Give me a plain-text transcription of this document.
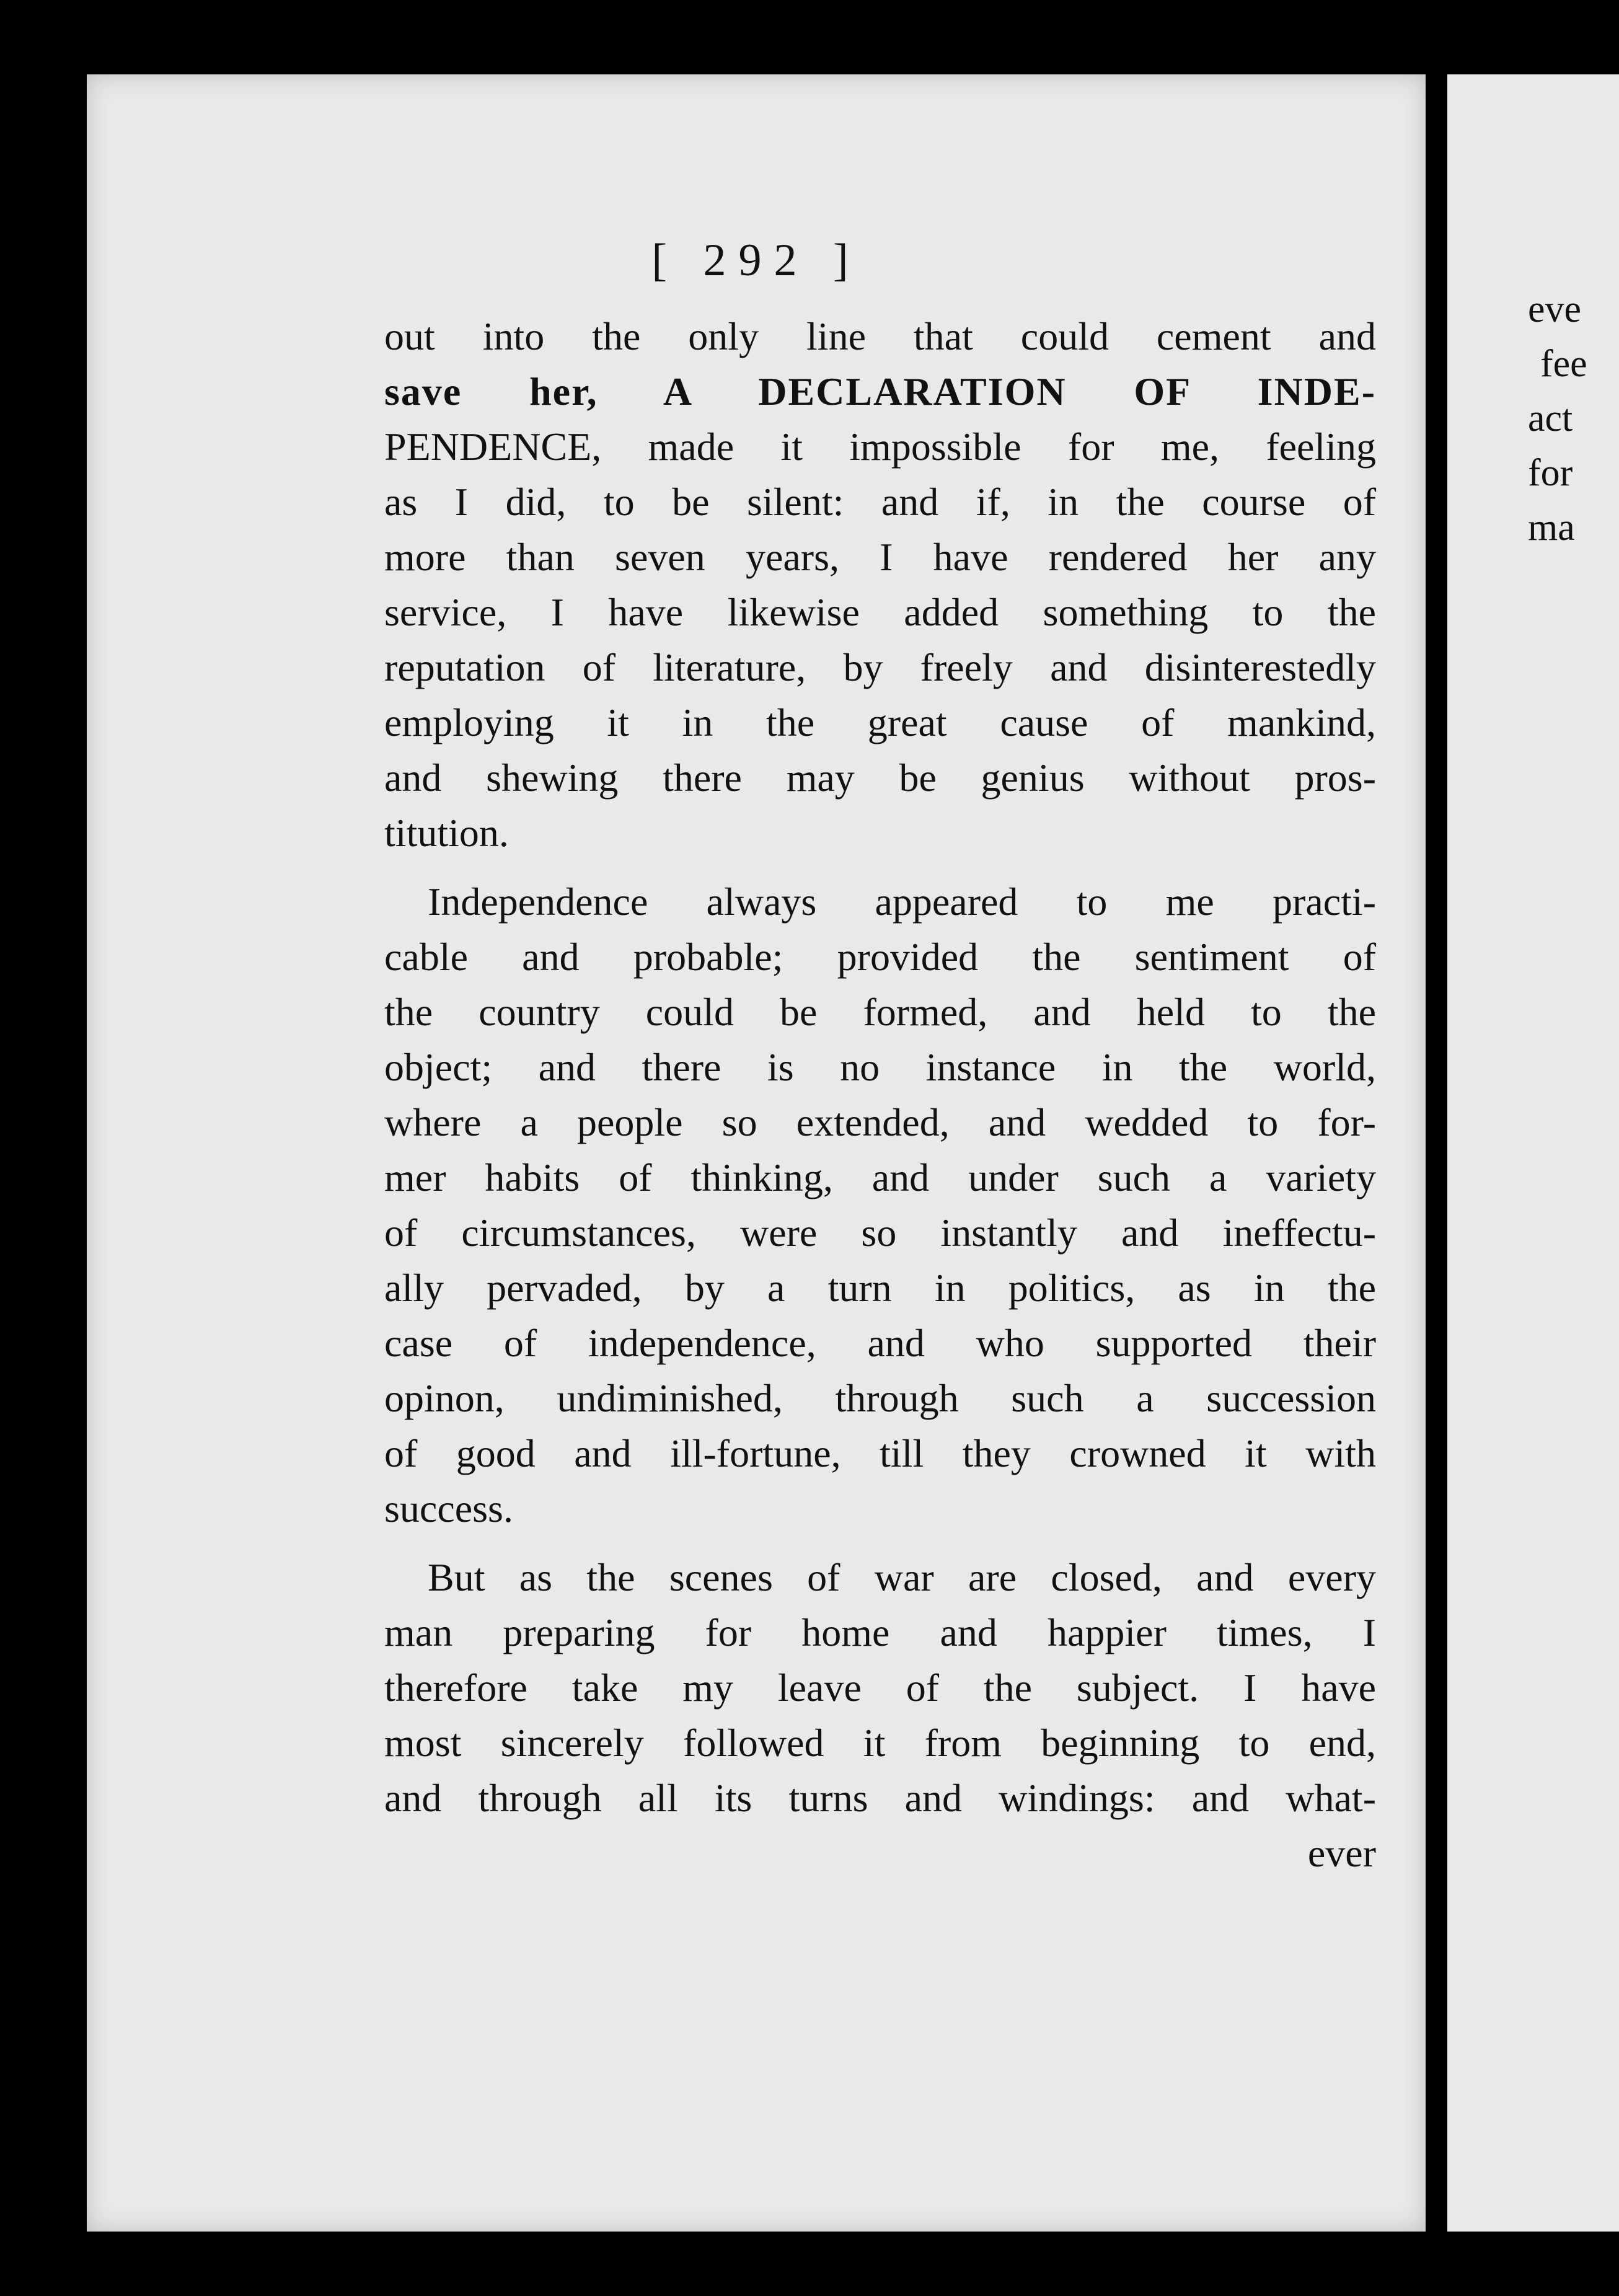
[ 292 ]
out into the only line that could cement and
save her, A DECLARATION OF INDE-
PENDENCE, made it impossible for me, feeling
as I did, to be silent: and if, in the course of
more than seven years, I have rendered her any
service, I have likewise added something to the
reputation of literature, by freely and disinterestedly
employing it in the great cause of mankind,
and shewing there may be genius without pros-
titution.
Independence always appeared to me practi-
cable and probable; provided the sentiment of
the country could be formed, and held to the
object; and there is no instance in the world,
where a people so extended, and wedded to for-
mer habits of thinking, and under such a variety
of circumstances, were so instantly and ineffectu-
ally pervaded, by a turn in politics, as in the
case of independence, and who supported their
opinon, undiminished, through such a succession
of good and ill-fortune, till they crowned it with
success.
But as the scenes of war are closed, and every
man preparing for home and happier times, I
therefore take my leave of the subject. I have
most sincerely followed it from beginning to end,
and through all its turns and windings: and what-
ever
eve
fee
act
for
ma
